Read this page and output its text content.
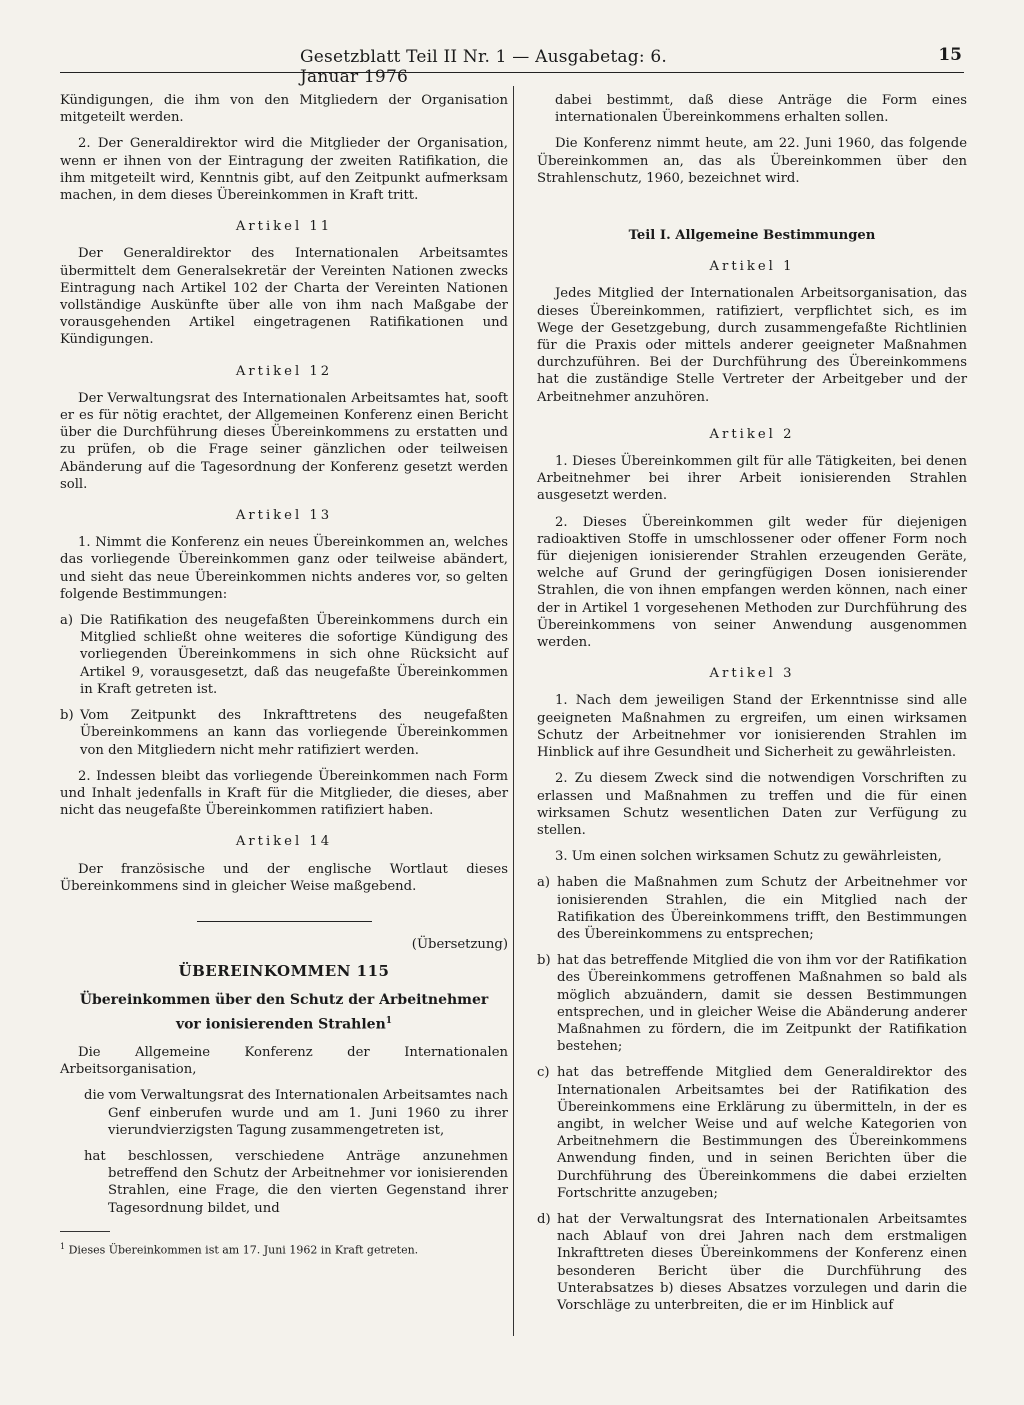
Gesetzblatt Teil II Nr. 1 — Ausgabetag: 6. Januar 1976
15

Kündigungen, die ihm von den Mitgliedern der Organisation mitgeteilt werden.

2. Der Generaldirektor wird die Mitglieder der Organisation, wenn er ihnen von der Eintragung der zweiten Ratifikation, die ihm mitgeteilt wird, Kenntnis gibt, auf den Zeitpunkt aufmerksam machen, in dem dieses Übereinkommen in Kraft tritt.

Artikel 11

Der Generaldirektor des Internationalen Arbeitsamtes übermittelt dem Generalsekretär der Vereinten Nationen zwecks Eintragung nach Artikel 102 der Charta der Vereinten Nationen vollständige Auskünfte über alle von ihm nach Maßgabe der vorausgehenden Artikel eingetragenen Ratifikationen und Kündigungen.

Artikel 12

Der Verwaltungsrat des Internationalen Arbeitsamtes hat, sooft er es für nötig erachtet, der Allgemeinen Konferenz einen Bericht über die Durchführung dieses Übereinkommens zu erstatten und zu prüfen, ob die Frage seiner gänzlichen oder teilweisen Abänderung auf die Tagesordnung der Konferenz gesetzt werden soll.

Artikel 13

1. Nimmt die Konferenz ein neues Übereinkommen an, welches das vorliegende Übereinkommen ganz oder teilweise abändert, und sieht das neue Übereinkommen nichts anderes vor, so gelten folgende Bestimmungen:

a) Die Ratifikation des neugefaßten Übereinkommens durch ein Mitglied schließt ohne weiteres die sofortige Kündigung des vorliegenden Übereinkommens in sich ohne Rücksicht auf Artikel 9, vorausgesetzt, daß das neugefaßte Übereinkommen in Kraft getreten ist.
b) Vom Zeitpunkt des Inkrafttretens des neugefaßten Übereinkommens an kann das vorliegende Übereinkommen von den Mitgliedern nicht mehr ratifiziert werden.

2. Indessen bleibt das vorliegende Übereinkommen nach Form und Inhalt jedenfalls in Kraft für die Mitglieder, die dieses, aber nicht das neugefaßte Übereinkommen ratifiziert haben.

Artikel 14

Der französische und der englische Wortlaut dieses Übereinkommens sind in gleicher Weise maßgebend.

(Übersetzung)
ÜBEREINKOMMEN 115
Übereinkommen über den Schutz der Arbeitnehmer
vor ionisierenden Strahlen$^1$

Die Allgemeine Konferenz der Internationalen Arbeitsorganisation,

die vom Verwaltungsrat des Internationalen Arbeitsamtes nach Genf einberufen wurde und am 1. Juni 1960 zu ihrer vierundvierzigsten Tagung zusammengetreten ist,

hat beschlossen, verschiedene Anträge anzunehmen betreffend den Schutz der Arbeitnehmer vor ionisierenden Strahlen, eine Frage, die den vierten Gegenstand ihrer Tagesordnung bildet, und

$^1$ Dieses Übereinkommen ist am 17. Juni 1962 in Kraft getreten.

dabei bestimmt, daß diese Anträge die Form eines internationalen Übereinkommens erhalten sollen.

Die Konferenz nimmt heute, am 22. Juni 1960, das folgende Übereinkommen an, das als Übereinkommen über den Strahlenschutz, 1960, bezeichnet wird.

Teil I. Allgemeine Bestimmungen
Artikel 1

Jedes Mitglied der Internationalen Arbeitsorganisation, das dieses Übereinkommen, ratifiziert, verpflichtet sich, es im Wege der Gesetzgebung, durch zusammengefaßte Richtlinien für die Praxis oder mittels anderer geeigneter Maßnahmen durchzuführen. Bei der Durchführung des Übereinkommens hat die zuständige Stelle Vertreter der Arbeitgeber und der Arbeitnehmer anzuhören.

Artikel 2

1. Dieses Übereinkommen gilt für alle Tätigkeiten, bei denen Arbeitnehmer bei ihrer Arbeit ionisierenden Strahlen ausgesetzt werden.

2. Dieses Übereinkommen gilt weder für diejenigen radioaktiven Stoffe in umschlossener oder offener Form noch für diejenigen ionisierender Strahlen erzeugenden Geräte, welche auf Grund der geringfügigen Dosen ionisierender Strahlen, die von ihnen empfangen werden können, nach einer der in Artikel 1 vorgesehenen Methoden zur Durchführung des Übereinkommens von seiner Anwendung ausgenommen werden.

Artikel 3

1. Nach dem jeweiligen Stand der Erkenntnisse sind alle geeigneten Maßnahmen zu ergreifen, um einen wirksamen Schutz der Arbeitnehmer vor ionisierenden Strahlen im Hinblick auf ihre Gesundheit und Sicherheit zu gewährleisten.

2. Zu diesem Zweck sind die notwendigen Vorschriften zu erlassen und Maßnahmen zu treffen und die für einen wirksamen Schutz wesentlichen Daten zur Verfügung zu stellen.

3. Um einen solchen wirksamen Schutz zu gewährleisten,

a) haben die Maßnahmen zum Schutz der Arbeitnehmer vor ionisierenden Strahlen, die ein Mitglied nach der Ratifikation des Übereinkommens trifft, den Bestimmungen des Übereinkommens zu entsprechen;
b) hat das betreffende Mitglied die von ihm vor der Ratifikation des Übereinkommens getroffenen Maßnahmen so bald als möglich abzuändern, damit sie dessen Bestimmungen entsprechen, und in gleicher Weise die Abänderung anderer Maßnahmen zu fördern, die im Zeitpunkt der Ratifikation bestehen;
c) hat das betreffende Mitglied dem Generaldirektor des Internationalen Arbeitsamtes bei der Ratifikation des Übereinkommens eine Erklärung zu übermitteln, in der es angibt, in welcher Weise und auf welche Kategorien von Arbeitnehmern die Bestimmungen des Übereinkommens Anwendung finden, und in seinen Berichten über die Durchführung des Übereinkommens die dabei erzielten Fortschritte anzugeben;
d) hat der Verwaltungsrat des Internationalen Arbeitsamtes nach Ablauf von drei Jahren nach dem erstmaligen Inkrafttreten dieses Übereinkommens der Konferenz einen besonderen Bericht über die Durchführung des Unterabsatzes b) dieses Absatzes vorzulegen und darin die Vorschläge zu unterbreiten, die er im Hinblick auf
